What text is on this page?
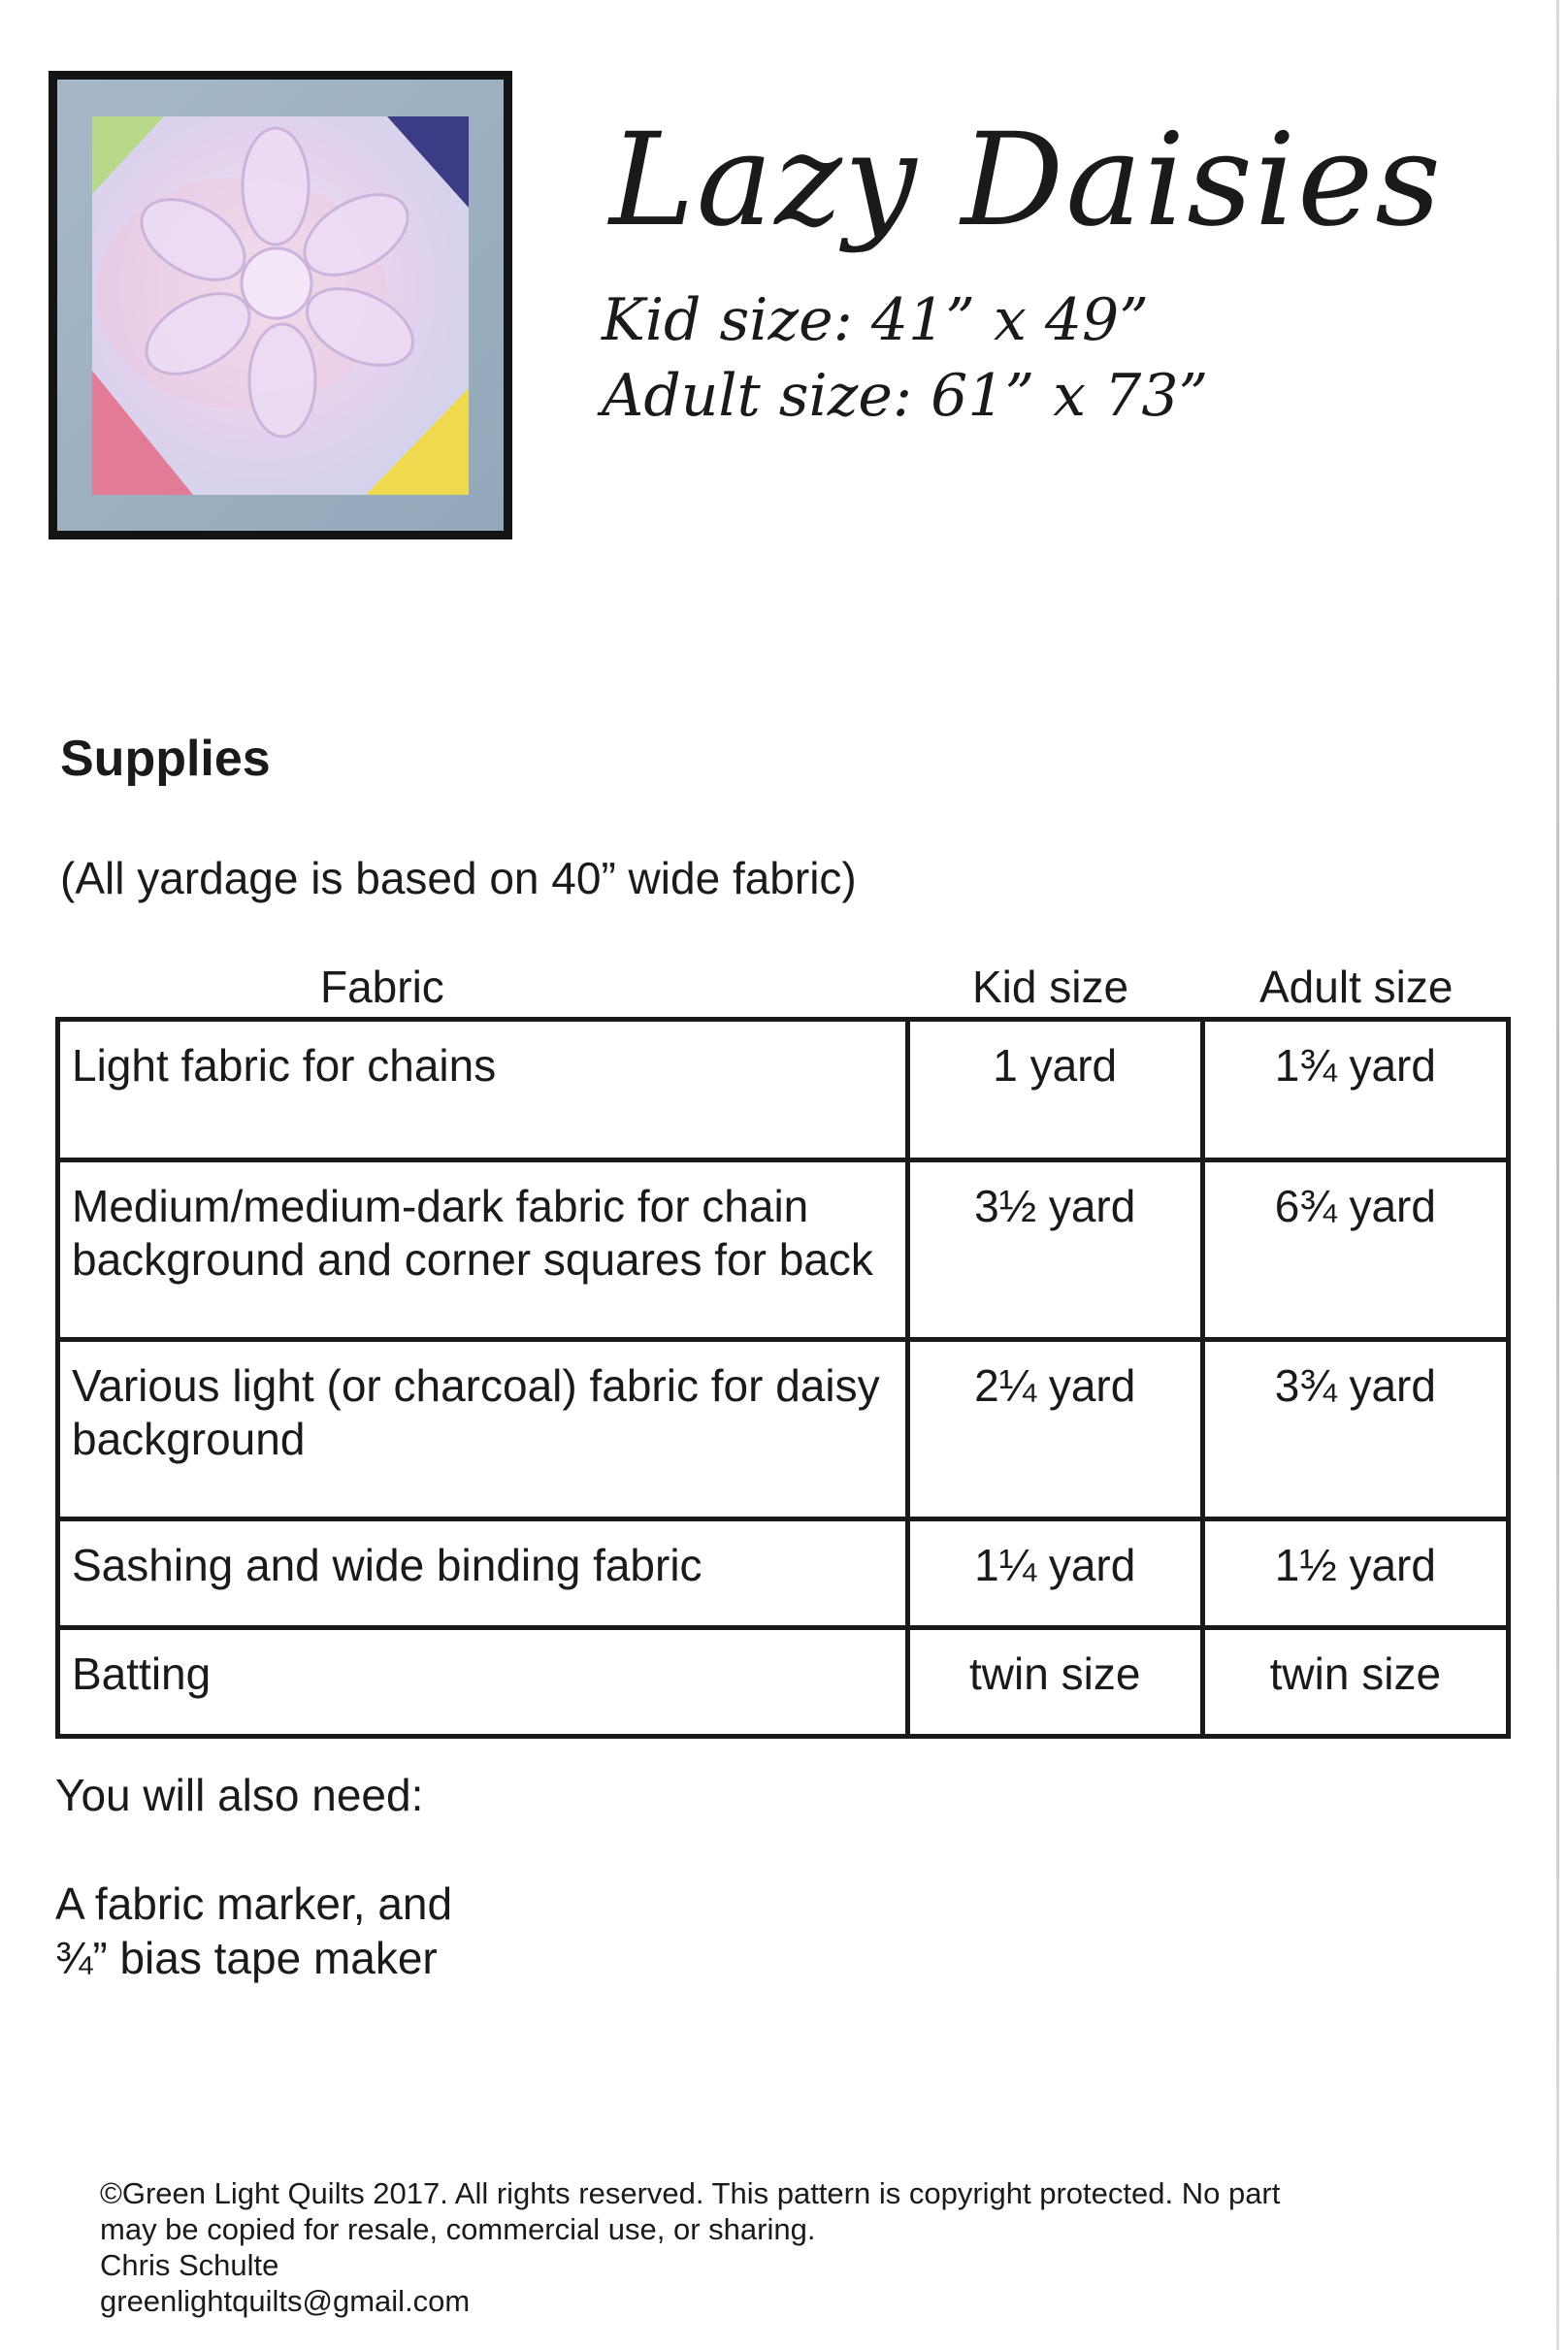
Lazy Daisies
Kid size: 41” x 49”
Adult size: 61” x 73”
Supplies
(All yardage is based on 40” wide fabric)
Fabric	Kid size	Adult size
Light fabric for chains	1 yard	1¾ yard
Medium/medium-dark fabric for chain background and corner squares for back	3½ yard	6¾ yard
Various light (or charcoal) fabric for daisy background	2¼ yard	3¾ yard
Sashing and wide binding fabric	1¼ yard	1½ yard
Batting	twin size	twin size
You will also need:
A fabric marker, and
¾” bias tape maker
©Green Light Quilts 2017. All rights reserved. This pattern is copyright protected. No part
may be copied for resale, commercial use, or sharing.
Chris Schulte
greenlightquilts@gmail.com
